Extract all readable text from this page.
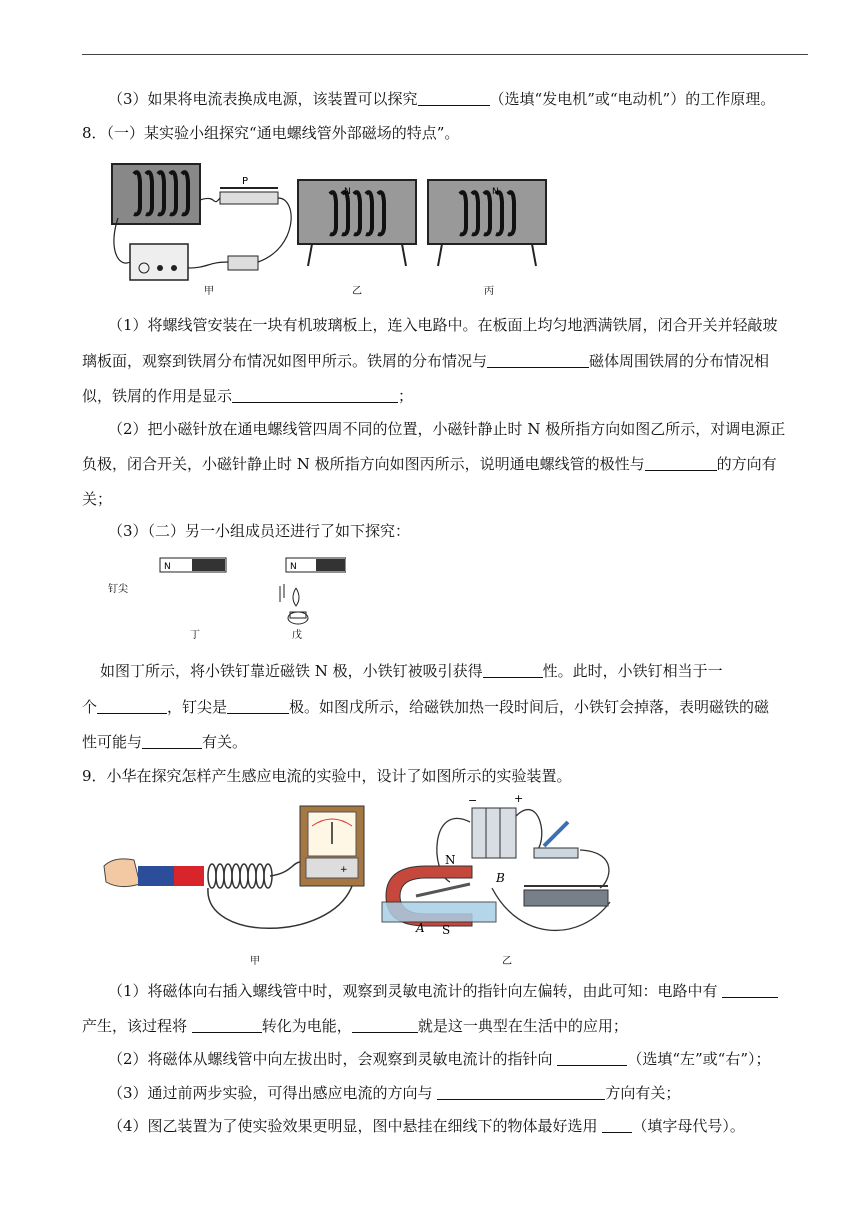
（3）如果将电流表换成电源，该装置可以探究	（选填“发电机”或“电动机”）的工作原理。
8．（一）某实验小组探究“通电螺线管外部磁场的特点”。
P
甲
N
乙
N
丙
（1）将螺线管安装在一块有机玻璃板上，连入电路中。在板面上均匀地洒满铁屑，闭合开关并轻敲玻
璃板面，观察到铁屑分布情况如图甲所示。铁屑的分布情况与	磁体周围铁屑的分布情况相
似，铁屑的作用是显示	；
（2）把小磁针放在通电螺线管四周不同的位置，小磁针静止时 N 极所指方向如图乙所示，对调电源正
负极，闭合开关，小磁针静止时 N 极所指方向如图丙所示，说明通电螺线管的极性与	的方向有
关；
（3）（二）另一小组成员还进行了如下探究：
钉尖
N
丁
N
戊
如图丁所示，将小铁钉靠近磁铁 N 极，小铁钉被吸引获得	性。此时，小铁钉相当于一
个	，钉尖是	极。如图戊所示，给磁铁加热一段时间后，小铁钉会掉落，表明磁铁的磁
性可能与	有关。
9．小华在探究怎样产生感应电流的实验中，设计了如图所示的实验装置。
+
甲
−	+
N
B
A S
乙
（1）将磁体向右插入螺线管中时，观察到灵敏电流计的指针向左偏转，由此可知：电路中有
产生，该过程将	转化为电能，	就是这一典型在生活中的应用；
（2）将磁体从螺线管中向左拔出时，会观察到灵敏电流计的指针向	（选填“左”或“右”）；
（3）通过前两步实验，可得出感应电流的方向与	方向有关；
（4）图乙装置为了使实验效果更明显，图中悬挂在细线下的物体最好选用 （填字母代号）。
